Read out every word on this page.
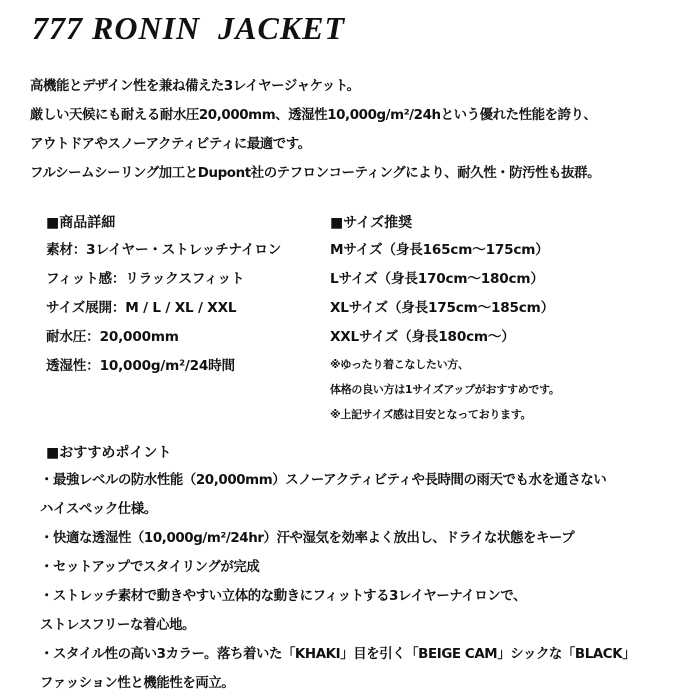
777 RONIN  JACKET

高機能とデザイン性を兼ね備えた3レイヤージャケット。

厳しい天候にも耐える耐水圧20,000mm、透湿性10,000g/m²/24hという優れた性能を誇り、

アウトドアやスノーアクティビティに最適です。

フルシームシーリング加工とDupont社のテフロンコーティングにより、耐久性・防汚性も抜群。

■商品詳細
素材：3レイヤー・ストレッチナイロン
フィット感：リラックスフィット
サイズ展開：M / L / XL / XXL
耐水圧：20,000mm
透湿性：10,000g/m²/24時間
■サイズ推奨
Mサイズ（身長165cm～175cm）
Lサイズ（身長170cm～180cm）
XLサイズ（身長175cm～185cm）
XXLサイズ（身長180cm～）
※ゆったり着こなしたい方、
体格の良い方は1サイズアップがおすすめです。
※上記サイズ感は目安となっております。
■おすすめポイント

・最強レベルの防水性能（20,000mm）スノーアクティビティや長時間の雨天でも水を通さない

ハイスペック仕様。

・快適な透湿性（10,000g/m²/24hr）汗や湿気を効率よく放出し、ドライな状態をキープ

・セットアップでスタイリングが完成

・ストレッチ素材で動きやすい立体的な動きにフィットする3レイヤーナイロンで、

ストレスフリーな着心地。

・スタイル性の高い3カラー。落ち着いた「KHAKI」目を引く「BEIGE CAM」シックな「BLACK」

ファッション性と機能性を両立。
